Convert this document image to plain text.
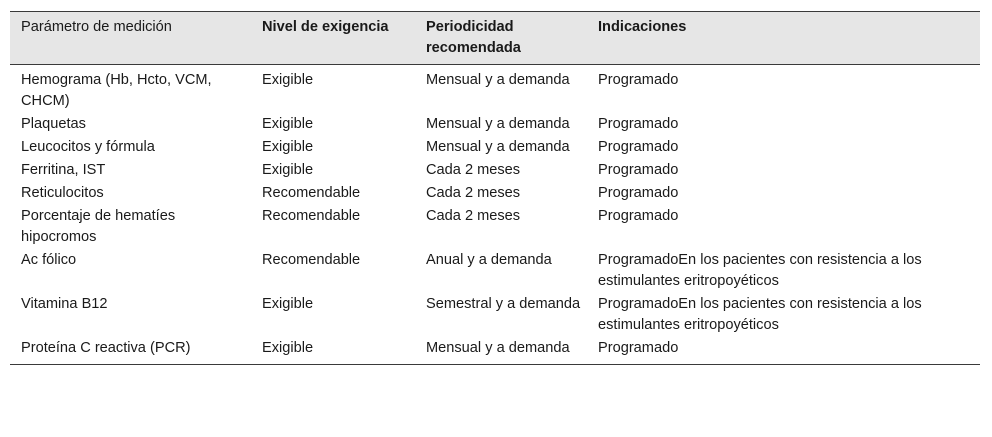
Parámetro de medición	Nivel de exigencia	Periodicidad recomendada	Indicaciones
Hemograma (Hb, Hcto, VCM, CHCM)	Exigible	Mensual y a demanda	Programado
Plaquetas	Exigible	Mensual y a demanda	Programado
Leucocitos y fórmula	Exigible	Mensual y a demanda	Programado
Ferritina, IST	Exigible	Cada 2 meses	Programado
Reticulocitos	Recomendable	Cada 2 meses	Programado
Porcentaje de hematíes hipocromos	Recomendable	Cada 2 meses	Programado
Ac fólico	Recomendable	Anual y a demanda	ProgramadoEn los pacientes con resistencia a los estimulantes eritropoyéticos
Vitamina B12	Exigible	Semestral y a demanda	ProgramadoEn los pacientes con resistencia a los estimulantes eritropoyéticos
Proteína C reactiva (PCR)	Exigible	Mensual y a demanda	Programado
